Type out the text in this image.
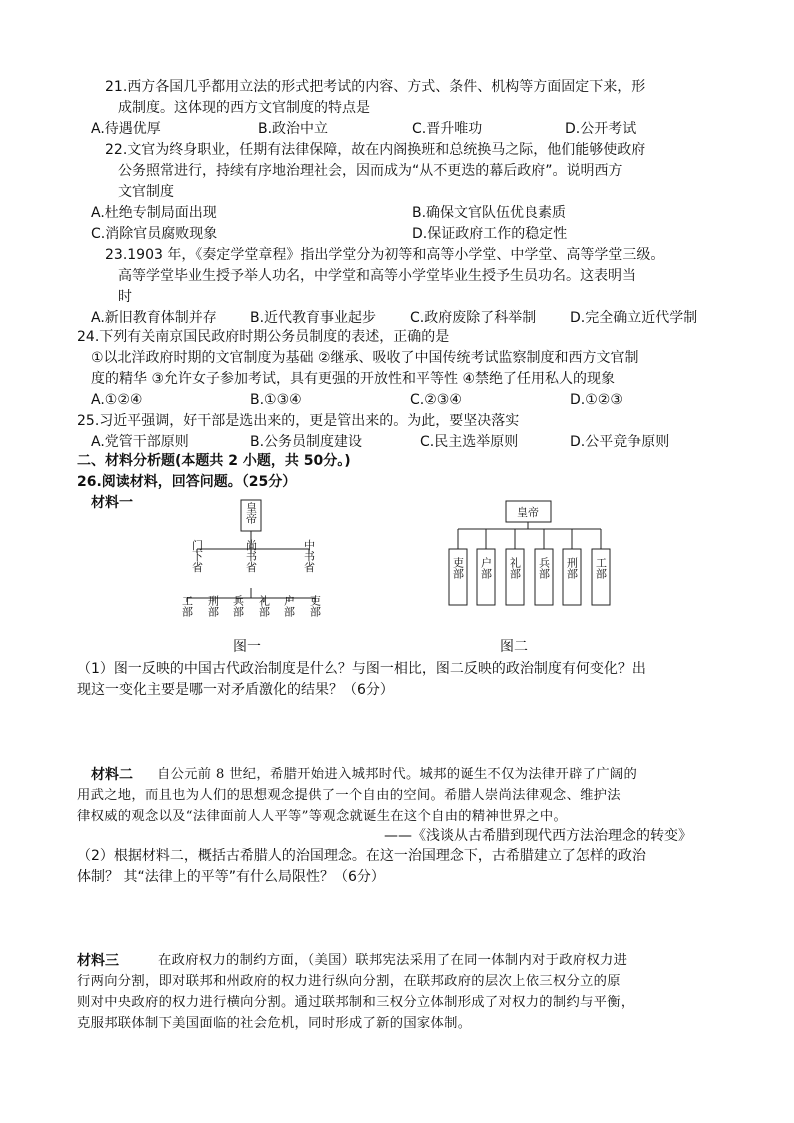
21.西方各国几乎都用立法的形式把考试的内容、方式、条件、机构等方面固定下来，形
成制度。这体现的西方文官制度的特点是
A.待遇优厚	B.政治中立	C.晋升唯功	D.公开考试
22.文官为终身职业，任期有法律保障，故在内阁换班和总统换马之际，他们能够使政府
公务照常进行，持续有序地治理社会，因而成为“从不更迭的幕后政府”。说明西方
文官制度
A.杜绝专制局面出现	B.确保文官队伍优良素质
C.消除官员腐败现象	D.保证政府工作的稳定性
23.1903 年，《奏定学堂章程》指出学堂分为初等和高等小学堂、中学堂、高等学堂三级。
高等学堂毕业生授予举人功名，中学堂和高等小学堂毕业生授予生员功名。这表明当
时
A.新旧教育体制并存 B.近代教育事业起步 C.政府废除了科举制 D.完全确立近代学制
24.下列有关南京国民政府时期公务员制度的表述，正确的是
①以北洋政府时期的文官制度为基础 ②继承、吸收了中国传统考试监察制度和西方文官制
度的精华 ③允许女子参加考试，具有更强的开放性和平等性 ④禁绝了任用私人的现象
A.①②④	B.①③④	C.②③④	D.①②③
25.习近平强调，好干部是选出来的，更是管出来的。为此，要坚决落实
A.党管干部原则	B.公务员制度建设	C.民主选举原则	D.公平竞争原则
二、材料分析题(本题共 2 小题，共 50分。)
26.阅读材料，回答问题。（25分）
材料一	皇帝
门下省	尚书省	中书省
工部 刑部 兵部 礼部 户部 吏部
皇帝
吏部 户部 礼部 兵部 刑部 工部
图一	图二
（1）图一反映的中国古代政治制度是什么？与图一相比，图二反映的政治制度有何变化？出
现这一变化主要是哪一对矛盾激化的结果？（6分）
材料二 自公元前 8 世纪，希腊开始进入城邦时代。城邦的诞生不仅为法律开辟了广阔的
用武之地，而且也为人们的思想观念提供了一个自由的空间。希腊人崇尚法律观念、维护法
律权威的观念以及“法律面前人人平等”等观念就诞生在这个自由的精神世界之中。
——《浅谈从古希腊到现代西方法治理念的转变》
（2）根据材料二，概括古希腊人的治国理念。在这一治国理念下，古希腊建立了怎样的政治
体制？ 其“法律上的平等”有什么局限性？（6分）
材料三	在政府权力的制约方面，（美国）联邦宪法采用了在同一体制内对于政府权力进
行两向分割，即对联邦和州政府的权力进行纵向分割，在联邦政府的层次上依三权分立的原
则对中央政府的权力进行横向分割。通过联邦制和三权分立体制形成了对权力的制约与平衡，
克服邦联体制下美国面临的社会危机，同时形成了新的国家体制。
